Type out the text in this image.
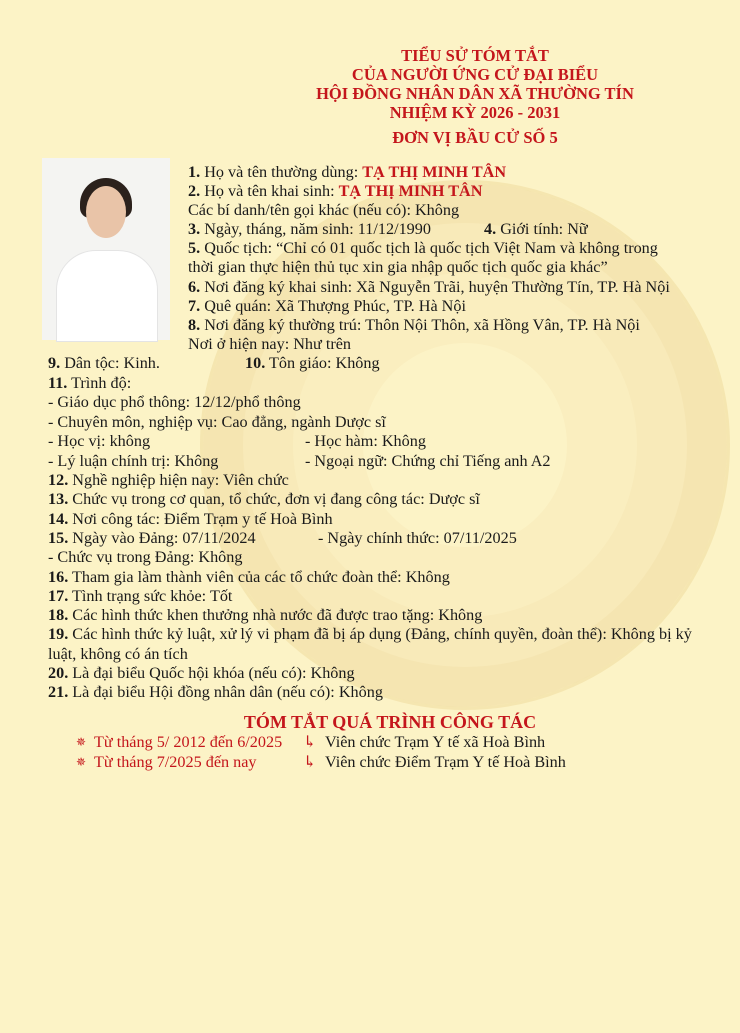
TIỂU SỬ TÓM TẮT
CỦA NGƯỜI ỨNG CỬ ĐẠI BIỂU
HỘI ĐỒNG NHÂN DÂN XÃ THƯỜNG TÍN
NHIỆM KỲ 2026 - 2031
ĐƠN VỊ BẦU CỬ SỐ 5
1. Họ và tên thường dùng: TẠ THỊ MINH TÂN
2. Họ và tên khai sinh: TẠ THỊ MINH TÂN
Các bí danh/tên gọi khác (nếu có): Không
3. Ngày, tháng, năm sinh: 11/12/1990	4. Giới tính: Nữ
5. Quốc tịch: “Chỉ có 01 quốc tịch là quốc tịch Việt Nam và không trong
thời gian thực hiện thủ tục xin gia nhập quốc tịch quốc gia khác”
6. Nơi đăng ký khai sinh: Xã Nguyễn Trãi, huyện Thường Tín, TP. Hà Nội
7. Quê quán: Xã Thượng Phúc, TP. Hà Nội
8. Nơi đăng ký thường trú: Thôn Nội Thôn, xã Hồng Vân, TP. Hà Nội
Nơi ở hiện nay: Như trên
9. Dân tộc: Kinh.	10. Tôn giáo: Không
11. Trình độ:
- Giáo dục phổ thông: 12/12/phổ thông
- Chuyên môn, nghiệp vụ: Cao đẳng, ngành Dược sĩ
- Học vị: không	- Học hàm: Không
- Lý luận chính trị: Không	- Ngoại ngữ: Chứng chỉ Tiếng anh A2
12. Nghề nghiệp hiện nay: Viên chức
13. Chức vụ trong cơ quan, tổ chức, đơn vị đang công tác: Dược sĩ
14. Nơi công tác: Điểm Trạm y tế Hoà Bình
15. Ngày vào Đảng: 07/11/2024	- Ngày chính thức: 07/11/2025
- Chức vụ trong Đảng: Không
16. Tham gia làm thành viên của các tổ chức đoàn thể: Không
17. Tình trạng sức khỏe: Tốt
18. Các hình thức khen thưởng nhà nước đã được trao tặng: Không
19. Các hình thức kỷ luật, xử lý vi phạm đã bị áp dụng (Đảng, chính quyền, đoàn thể): Không bị kỷ
luật, không có án tích
20. Là đại biểu Quốc hội khóa (nếu có): Không
21. Là đại biểu Hội đồng nhân dân (nếu có): Không
TÓM TẮT QUÁ TRÌNH CÔNG TÁC
✵ Từ tháng 5/ 2012 đến 6/2025 ↳ Viên chức Trạm Y tế xã Hoà Bình
✵ Từ tháng 7/2025 đến nay	↳ Viên chức Điểm Trạm Y tế Hoà Bình
